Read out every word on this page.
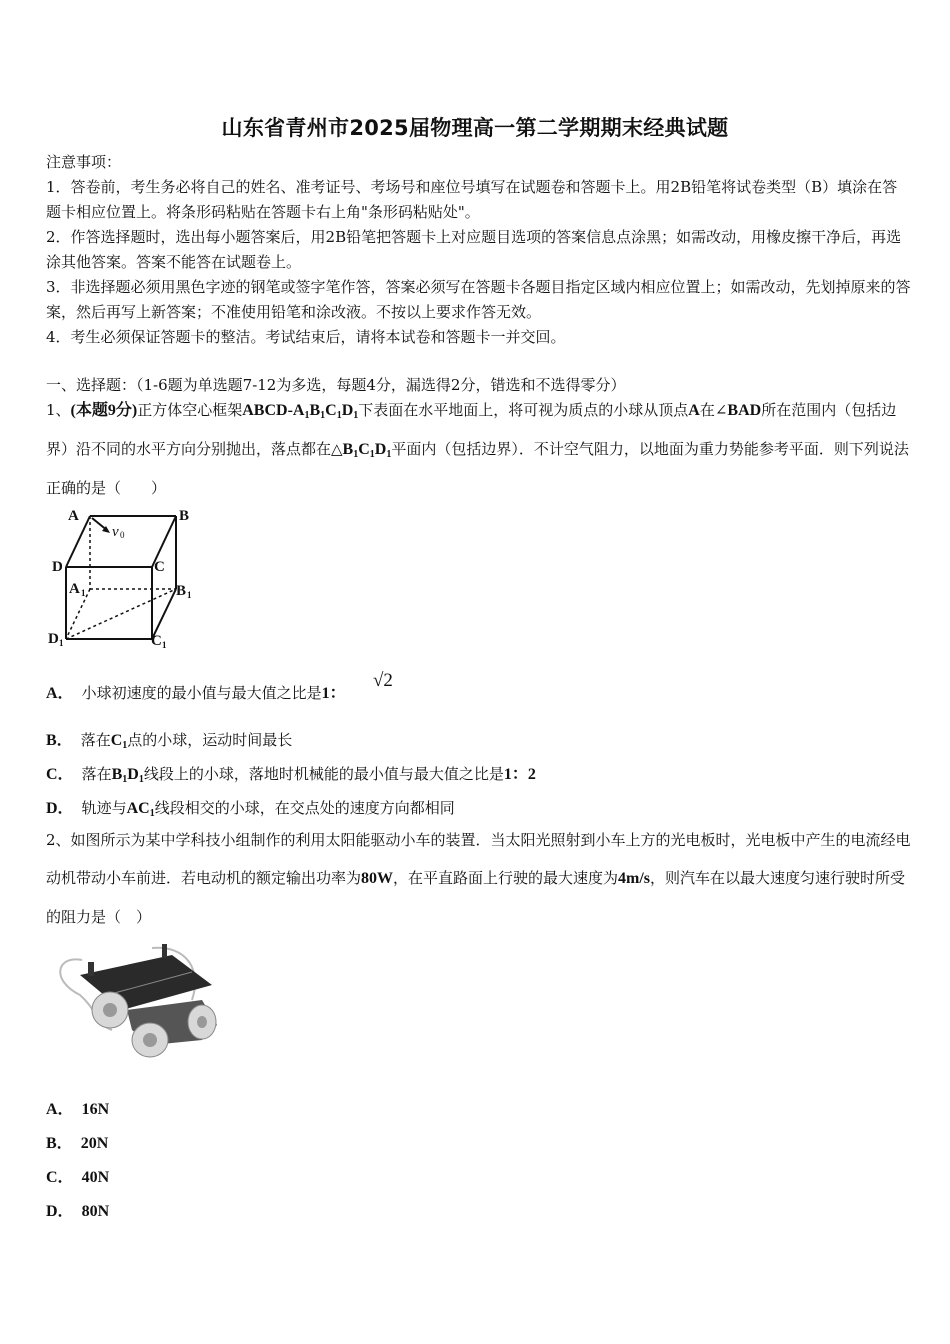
山东省青州市2025届物理高一第二学期期末经典试题

注意事项：

1．答卷前，考生务必将自己的姓名、准考证号、考场号和座位号填写在试题卷和答题卡上。用2B铅笔将试卷类型（B）填涂在答题卡相应位置上。将条形码粘贴在答题卡右上角"条形码粘贴处"。

2．作答选择题时，选出每小题答案后，用2B铅笔把答题卡上对应题目选项的答案信息点涂黑；如需改动，用橡皮擦干净后，再选涂其他答案。答案不能答在试题卷上。

3．非选择题必须用黑色字迹的钢笔或签字笔作答，答案必须写在答题卡各题目指定区域内相应位置上；如需改动，先划掉原来的答案，然后再写上新答案；不准使用铅笔和涂改液。不按以上要求作答无效。

4．考生必须保证答题卡的整洁。考试结束后，请将本试卷和答题卡一并交回。

一、选择题：（1-6题为单选题7-12为多选，每题4分，漏选得2分，错选和不选得零分）
1、(本题9分)正方体空心框架ABCD-$A_1B_1C_1D_1$下表面在水平地面上，将可视为质点的小球从顶点A在∠BAD所在范围内（包括边界）沿不同的水平方向分别抛出，落点都在$\triangle B_1C_1D_1$平面内（包括边界）．不计空气阻力，以地面为重力势能参考平面．则下列说法正确的是（　　）
A	B
D	C
A 1	B 1
D 1	C 1
v 0
A． 小球初速度的最小值与最大值之比是1：
√2
B． 落在$C_1$点的小球，运动时间最长
C． 落在$B_1D_1$线段上的小球，落地时机械能的最小值与最大值之比是1：2
D． 轨迹与$AC_1$线段相交的小球，在交点处的速度方向都相同
2、如图所示为某中学科技小组制作的利用太阳能驱动小车的装置．当太阳光照射到小车上方的光电板时，光电板中产生的电流经电动机带动小车前进．若电动机的额定输出功率为80W，在平直路面上行驶的最大速度为4m/s，则汽车在以最大速度匀速行驶时所受的阻力是（　）
A． 16N
B． 20N
C． 40N
D． 80N
